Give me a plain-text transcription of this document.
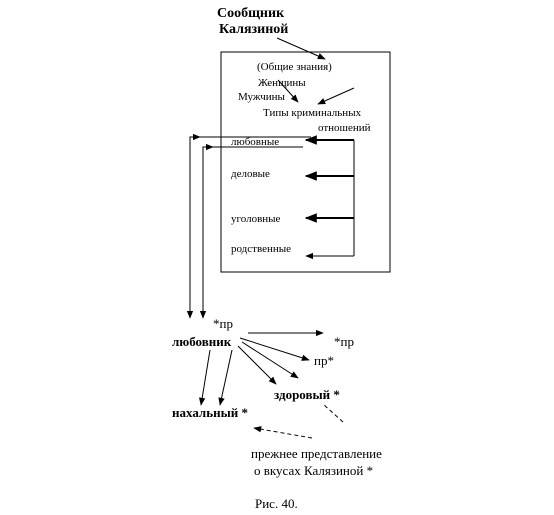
Сообщник
Калязиной
(Общие знания)
Женщины
Мужчины
Типы криминальных
отношений
любовные
деловые
уголовные
родственные
*пр
любовник	*пр
пр*
здоровый *
нахальный *
прежнее представление
о вкусах Калязиной *
Рис. 40.
